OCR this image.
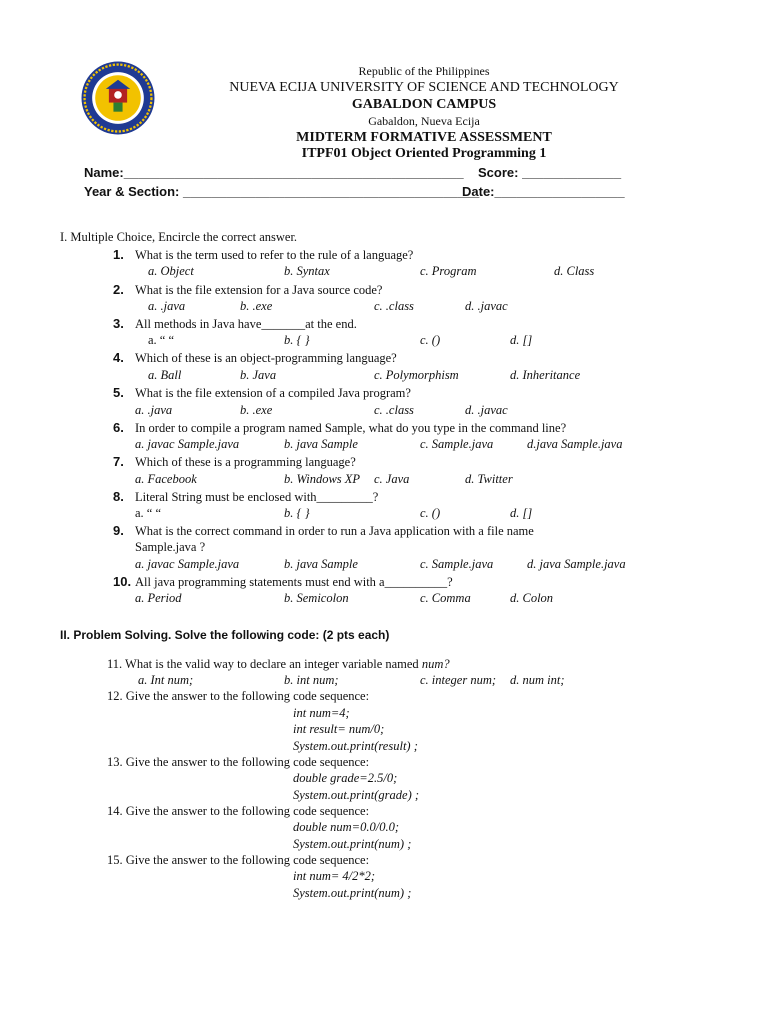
Republic of the Philippines
NUEVA ECIJA UNIVERSITY OF SCIENCE AND TECHNOLOGY
GABALDON CAMPUS
Gabaldon, Nueva Ecija
MIDTERM FORMATIVE ASSESSMENT
ITPF01 Object Oriented Programming 1
Name:_______________________________________________ Score: _____
_________
Year & Section: _________________________________________
Date:__________________
I. Multiple Choice, Encircle the correct answer.
1. What is the term used to refer to the rule of a language?
a. Object	b. Syntax	c. Program	d. Class
2. What is the file extension for a Java source code?
a. .java	b. .exe	c. .class	d. .javac
3. All methods in Java have_______at the end.
a. “ “	b. { }	c. ()	d. []
4. Which of these is an object-programming language?
a. Ball	b. Java	c. Polymorphism	d. Inheritance
5. What is the file extension of a compiled Java program?
a. .java	b. .exe	c. .class	d. .javac
6. In order to compile a program named Sample, what do you type in the command line?
a. javac Sample.java	b. java Sample	c. Sample.java	d.java Sample.java
7. Which of these is a programming language?
a. Facebook	b. Windows XP c. Java	d. Twitter
8. Literal String must be enclosed with_________?
a. “ “	b. { }	c. ()	d. []
9. What is the correct command in order to run a Java application with a file name
Sample.java ?
a. javac Sample.java	b. java Sample	c. Sample.java	d. java Sample.java
10. All java programming statements must end with a__________?
a. Period	b. Semicolon	c. Comma	d. Colon
II. Problem Solving. Solve the following code: (2 pts each)
11. What is the valid way to declare an integer variable named num?
a. Int num;	b. int num;	c. integer num; d. num int;
12. Give the answer to the following code sequence:
int num=4;
int result= num/0;
System.out.print(result) ;
13. Give the answer to the following code sequence:
double grade=2.5/0;
System.out.print(grade) ;
14. Give the answer to the following code sequence:
double num=0.0/0.0;
System.out.print(num) ;
15. Give the answer to the following code sequence:
int num= 4/2*2;
System.out.print(num) ;
